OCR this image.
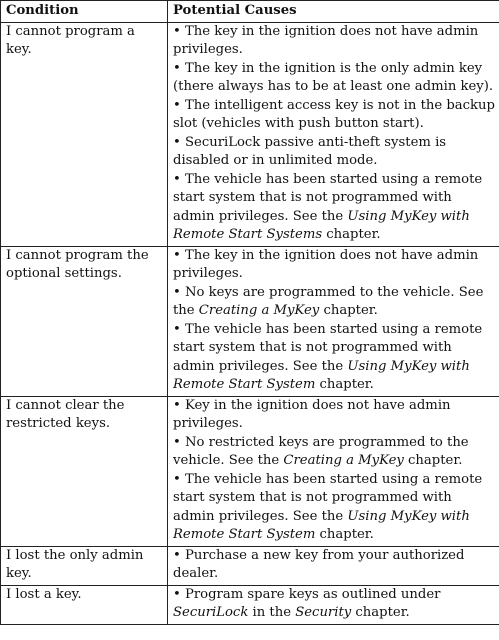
Condition	Potential Causes
I cannot program a key.	• The key in the ignition does not have admin privileges.
• The key in the ignition is the only admin key (there always has to be at least one admin key).
• The intelligent access key is not in the backup slot (vehicles with push button start).
• SecuriLock passive anti-theft system is disabled or in unlimited mode.
• The vehicle has been started using a remote start system that is not programmed with admin privileges. See the Using MyKey with Remote Start Systems chapter.

I cannot program the optional settings.	• The key in the ignition does not have admin privileges.
• No keys are programmed to the vehicle. See the Creating a MyKey chapter.
• The vehicle has been started using a remote start system that is not programmed with admin privileges. See the Using MyKey with Remote Start System chapter.

I cannot clear the restricted keys.	• Key in the ignition does not have admin privileges.
• No restricted keys are programmed to the vehicle. See the Creating a MyKey chapter.
• The vehicle has been started using a remote start system that is not programmed with admin privileges. See the Using MyKey with Remote Start System chapter.

I lost the only admin key.	• Purchase a new key from your authorized dealer.

I lost a key.	• Program spare keys as outlined under SecuriLock in the Security chapter.
